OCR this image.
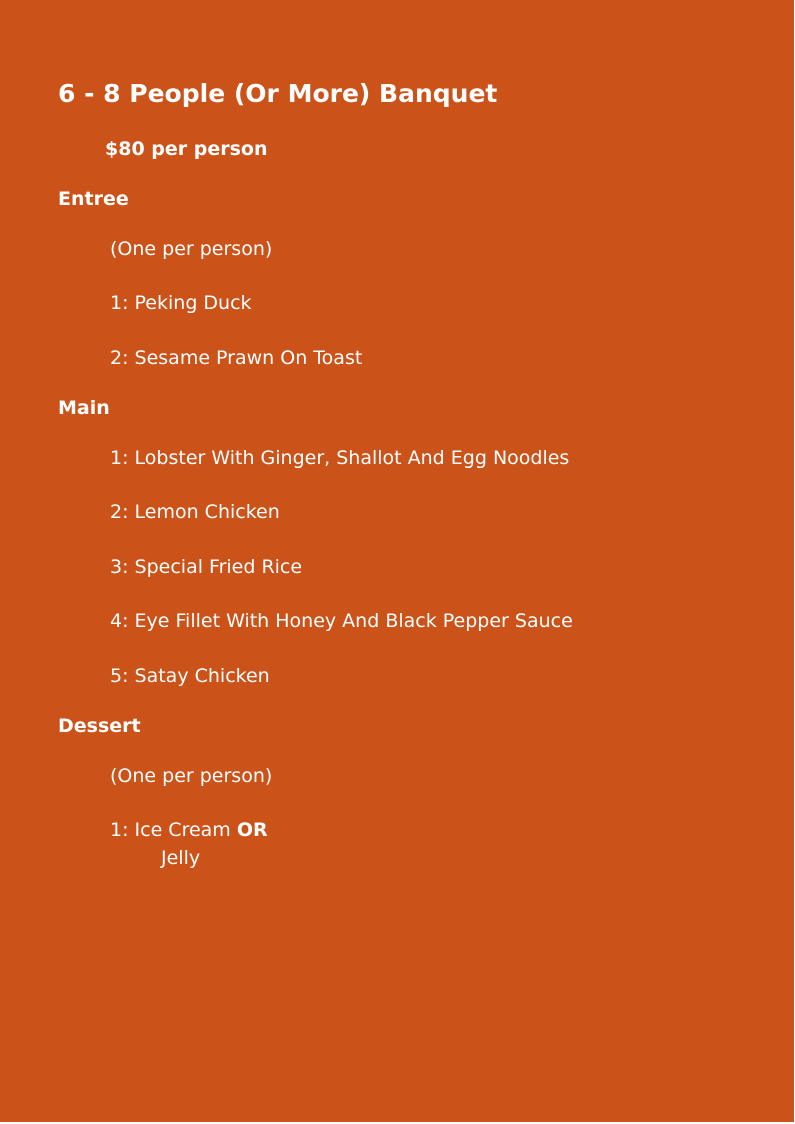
6 - 8 People (Or More) Banquet
$80 per person
Entree
(One per person)
1: Peking Duck
2: Sesame Prawn On Toast
Main
1: Lobster With Ginger, Shallot And Egg Noodles
2: Lemon Chicken
3: Special Fried Rice
4: Eye Fillet With Honey And Black Pepper Sauce
5: Satay Chicken
Dessert
(One per person)
1: Ice Cream OR
Jelly
